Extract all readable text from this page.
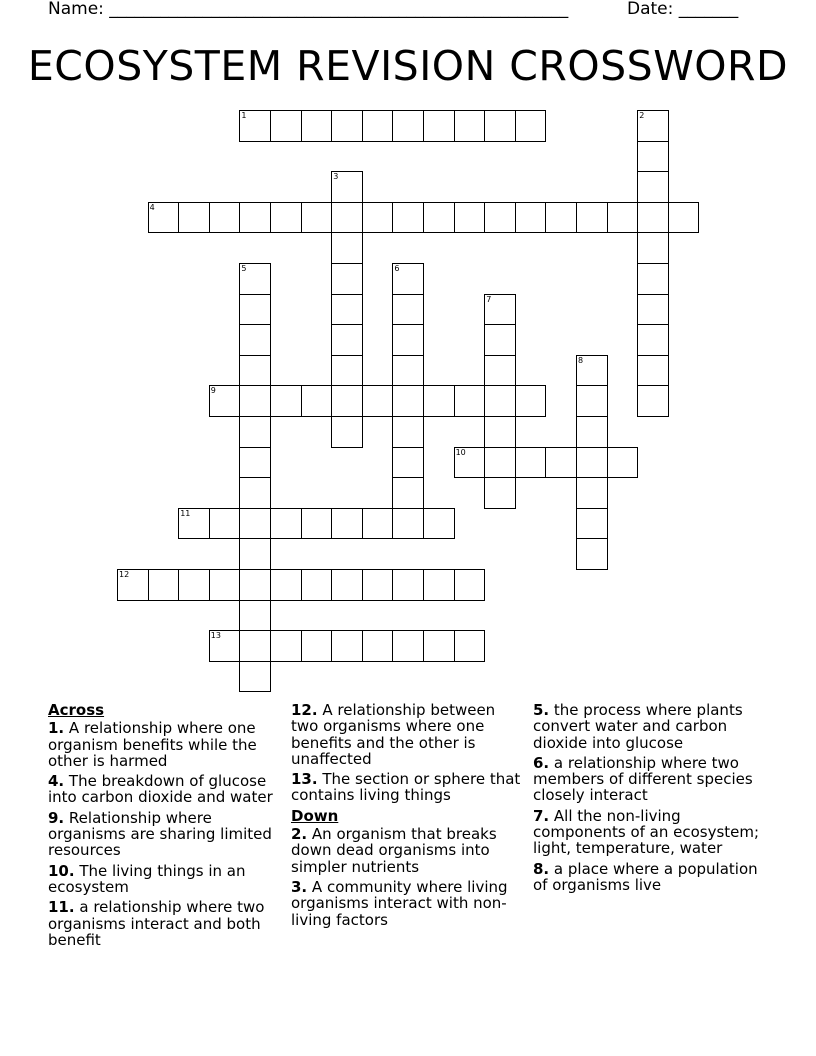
Name: ______________________________________________________	Date: _______
ECOSYSTEM REVISION CROSSWORD
1	2
3
4
5	6
7
8
9
10
11
12
13
Across
1. A relationship where one organism benefits while the other is harmed
4. The breakdown of glucose into carbon dioxide and water
9. Relationship where organisms are sharing limited resources
10. The living things in an ecosystem
11. a relationship where two organisms interact and both benefit
12. A relationship between two organisms where one benefits and the other is unaffected
13. The section or sphere that contains living things
Down
2. An organism that breaks down dead organisms into simpler nutrients
3. A community where living organisms interact with non-living factors
5. the process where plants convert water and carbon dioxide into glucose
6. a relationship where two members of different species closely interact
7. All the non-living components of an ecosystem; light, temperature, water
8. a place where a population of organisms live
